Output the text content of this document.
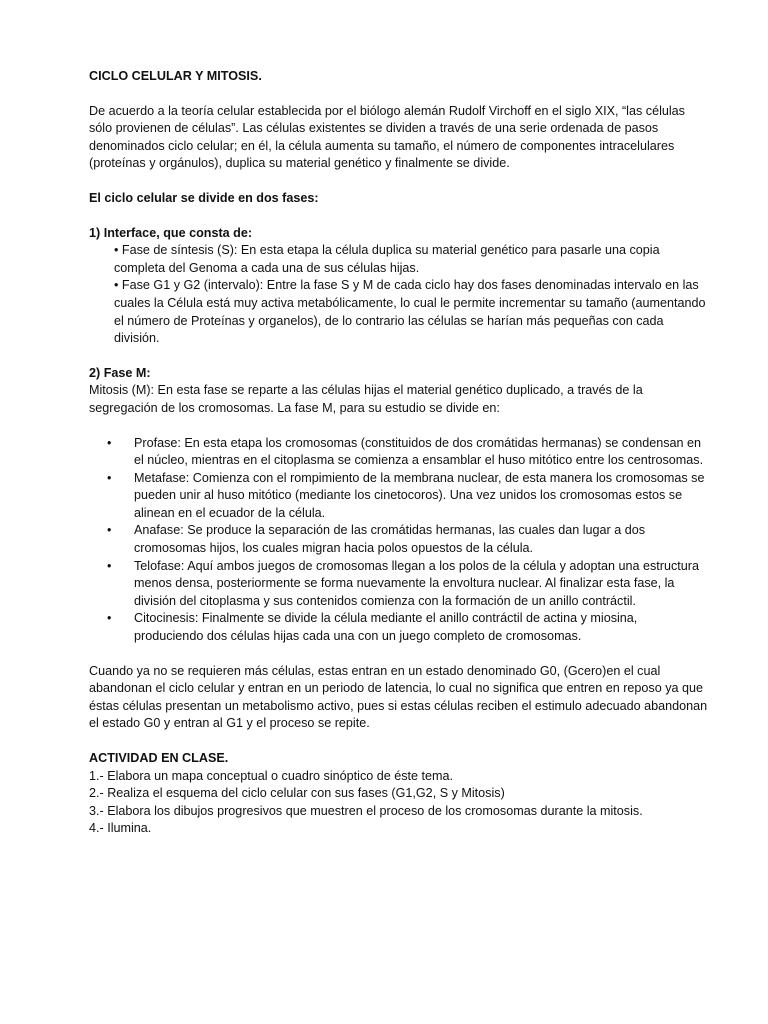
CICLO CELULAR Y MITOSIS.

De acuerdo a la teoría celular establecida por el biólogo alemán Rudolf Virchoff en el siglo XIX, “las células sólo provienen de células”. Las células existentes se dividen a través de una serie ordenada de pasos denominados ciclo celular; en él, la célula aumenta su tamaño, el número de componentes intracelulares (proteínas y orgánulos), duplica su material genético y finalmente se divide.

El ciclo celular se divide en dos fases:

1) Interface, que consta de:

• Fase de síntesis (S): En esta etapa la célula duplica su material genético para pasarle una copia completa del Genoma a cada una de sus células hijas.

• Fase G1 y G2 (intervalo): Entre la fase S y M de cada ciclo hay dos fases denominadas intervalo en las cuales la Célula está muy activa metabólicamente, lo cual le permite incrementar su tamaño (aumentando el número de Proteínas y organelos), de lo contrario las células se harían más pequeñas con cada división.

2) Fase M:

Mitosis (M): En esta fase se reparte a las células hijas el material genético duplicado, a través de la segregación de los cromosomas. La fase M, para su estudio se divide en:

• Profase: En esta etapa los cromosomas (constituidos de dos cromátidas hermanas) se condensan en el núcleo, mientras en el citoplasma se comienza a ensamblar el huso mitótico entre los centrosomas.
• Metafase: Comienza con el rompimiento de la membrana nuclear, de esta manera los cromosomas se pueden unir al huso mitótico (mediante los cinetocoros). Una vez unidos los cromosomas estos se alinean en el ecuador de la célula.
• Anafase: Se produce la separación de las cromátidas hermanas, las cuales dan lugar a dos cromosomas hijos, los cuales migran hacia polos opuestos de la célula.
• Telofase: Aquí ambos juegos de cromosomas llegan a los polos de la célula y adoptan una estructura menos densa, posteriormente se forma nuevamente la envoltura nuclear. Al finalizar esta fase, la división del citoplasma y sus contenidos comienza con la formación de un anillo contráctil.
• Citocinesis: Finalmente se divide la célula mediante el anillo contráctil de actina y miosina, produciendo dos células hijas cada una con un juego completo de cromosomas.

Cuando ya no se requieren más células, estas entran en un estado denominado G0, (Gcero)en el cual abandonan el ciclo celular y entran en un periodo de latencia, lo cual no significa que entren en reposo ya que éstas células presentan un metabolismo activo, pues si estas células reciben el estimulo adecuado abandonan el estado G0 y entran al G1 y el proceso se repite.

ACTIVIDAD EN CLASE.

1.- Elabora un mapa conceptual o cuadro sinóptico de éste tema.

2.- Realiza el esquema del ciclo celular con sus fases (G1,G2, S y Mitosis)

3.- Elabora los dibujos progresivos que muestren el proceso de los cromosomas durante la mitosis.

4.- Ilumina.
